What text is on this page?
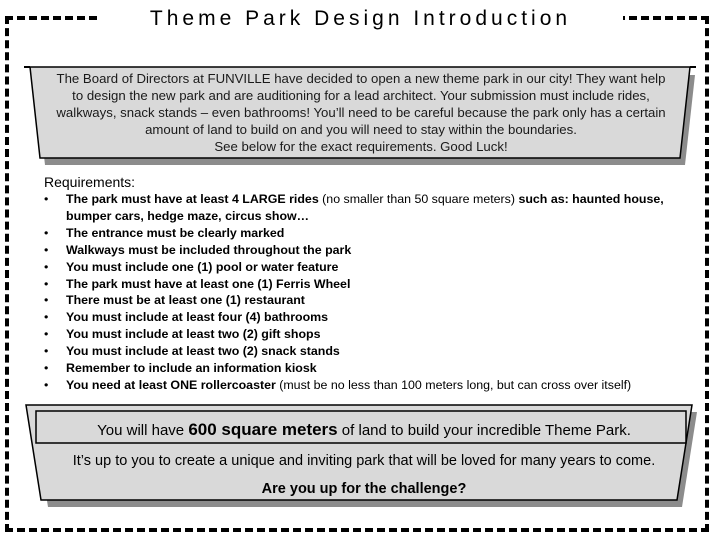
Theme Park Design Introduction
The Board of Directors at FUNVILLE have decided to open a new theme park in our city! They want help
to design the new park and are auditioning for a lead architect. Your submission must include rides,
walkways, snack stands – even bathrooms! You’ll need to be careful because the park only has a certain
amount of land to build on and you will need to stay within the boundaries.
See below for the exact requirements. Good Luck!
Requirements:
• The park must have at least 4 LARGE rides (no smaller than 50 square meters) such as: haunted house, bumper cars, hedge maze, circus show…
• The entrance must be clearly marked
• Walkways must be included throughout the park
• You must include one (1) pool or water feature
• The park must have at least one (1) Ferris Wheel
• There must be at least one (1) restaurant
• You must include at least four (4) bathrooms
• You must include at least two (2) gift shops
• You must include at least two (2) snack stands
• Remember to include an information kiosk
• You need at least ONE rollercoaster (must be no less than 100 meters long, but can cross over itself)
You will have 600 square meters of land to build your incredible Theme Park.
It’s up to you to create a unique and inviting park that will be loved for many years to come.
Are you up for the challenge?
